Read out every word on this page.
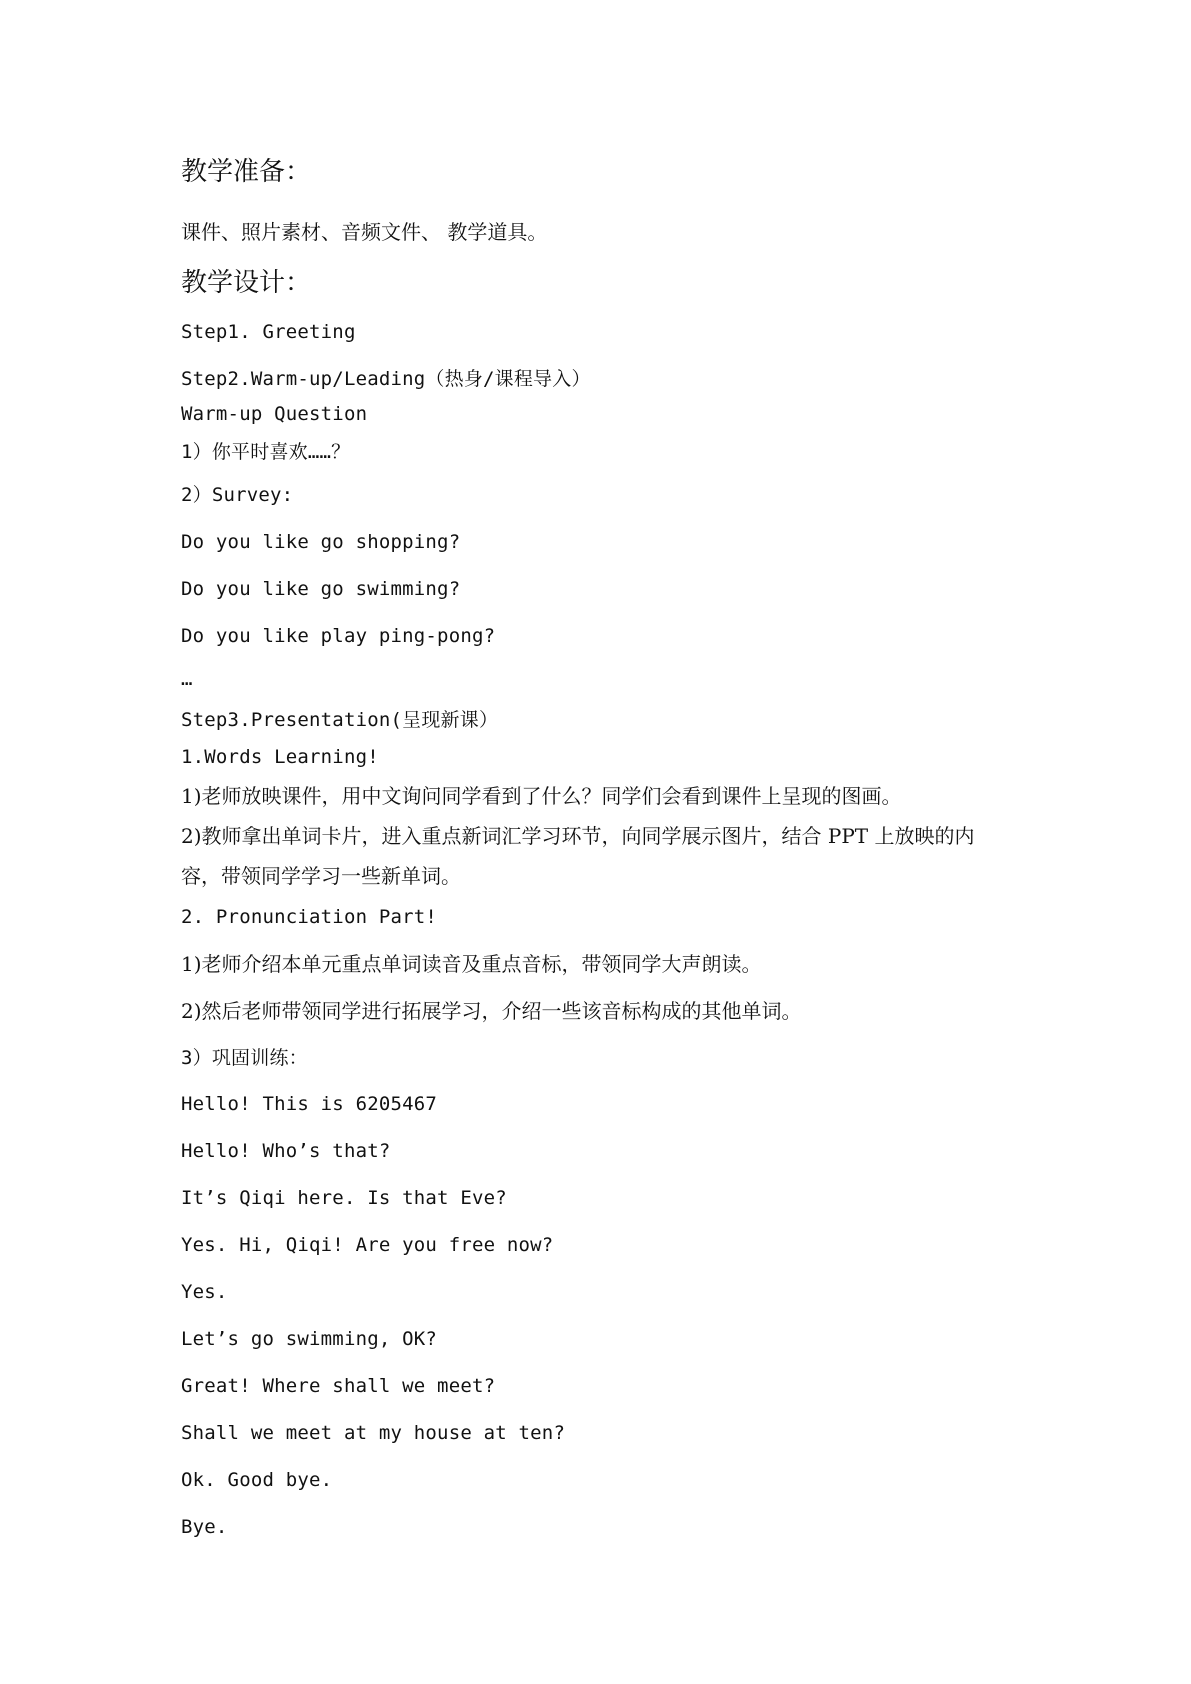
教学准备：
课件、照片素材、音频文件、 教学道具。
教学设计：
Step1. Greeting
Step2.Warm-up/Leading（热身/课程导入）
Warm-up Question
1）你平时喜欢……？
2）Survey:
Do you like go shopping?
Do you like go swimming?
Do you like play ping-pong?
…
Step3.Presentation(呈现新课）
1.Words Learning!
1)老师放映课件，用中文询问同学看到了什么？同学们会看到课件上呈现的图画。
2)教师拿出单词卡片，进入重点新词汇学习环节，向同学展示图片，结合 PPT 上放映的内
容，带领同学学习一些新单词。
2. Pronunciation Part!
1)老师介绍本单元重点单词读音及重点音标，带领同学大声朗读。
2)然后老师带领同学进行拓展学习，介绍一些该音标构成的其他单词。
3）巩固训练：
Hello! This is 6205467
Hello! Who’s that?
It’s Qiqi here. Is that Eve?
Yes. Hi, Qiqi! Are you free now?
Yes.
Let’s go swimming, OK?
Great! Where shall we meet?
Shall we meet at my house at ten?
Ok. Good bye.
Bye.
